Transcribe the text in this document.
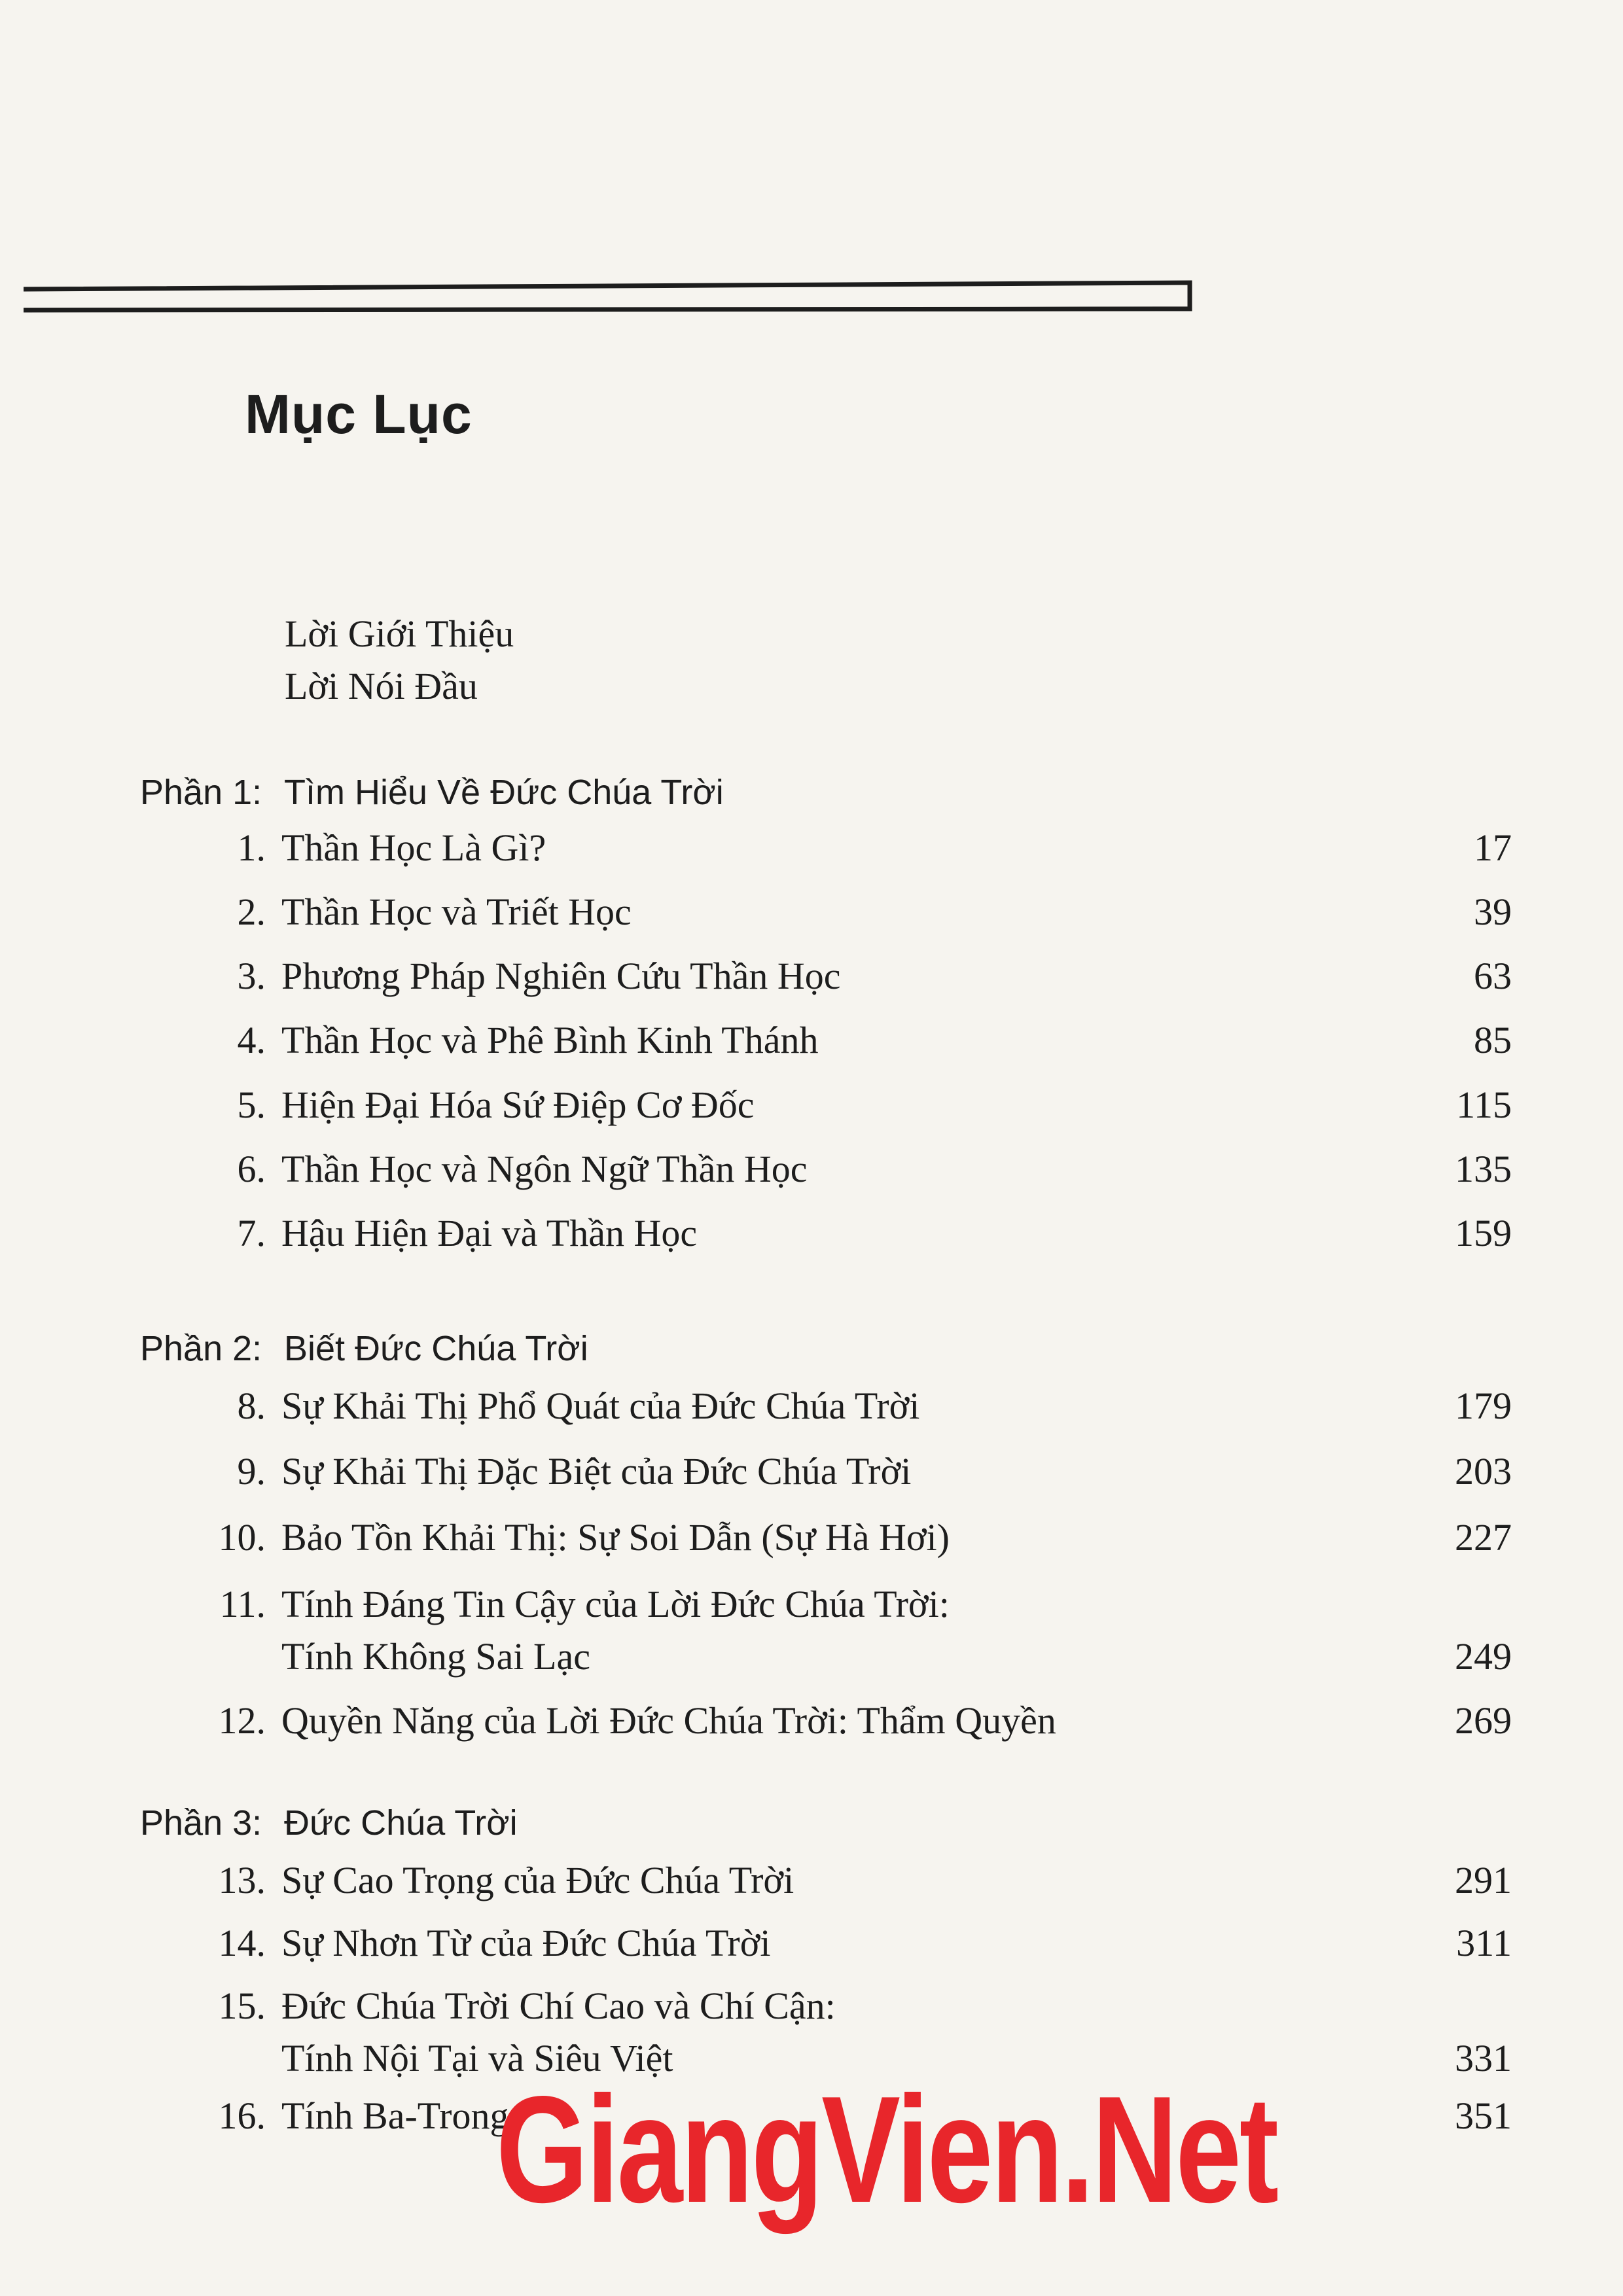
Mục Lục
Lời Giới Thiệu
Lời Nói Đầu
Phần 1: Tìm Hiểu Về Đức Chúa Trời
1. Thần Học Là Gì?	17
2. Thần Học và Triết Học	39
3. Phương Pháp Nghiên Cứu Thần Học	63
4. Thần Học và Phê Bình Kinh Thánh	85
5. Hiện Đại Hóa Sứ Điệp Cơ Đốc	115
6. Thần Học và Ngôn Ngữ Thần Học	135
7. Hậu Hiện Đại và Thần Học	159
Phần 2: Biết Đức Chúa Trời
8. Sự Khải Thị Phổ Quát của Đức Chúa Trời	179
9. Sự Khải Thị Đặc Biệt của Đức Chúa Trời	203
10. Bảo Tồn Khải Thị: Sự Soi Dẫn (Sự Hà Hơi)	227
11. Tính Đáng Tin Cậy của Lời Đức Chúa Trời:
Tính Không Sai Lạc	249
12. Quyền Năng của Lời Đức Chúa Trời: Thẩm Quyền	269
Phần 3: Đức Chúa Trời
13. Sự Cao Trọng của Đức Chúa Trời	291
14. Sự Nhơn Từ của Đức Chúa Trời	311
15. Đức Chúa Trời Chí Cao và Chí Cận:
Tính Nội Tại và Siêu Việt	331
16. Tính Ba-Trong	351
GiangVien.Net
